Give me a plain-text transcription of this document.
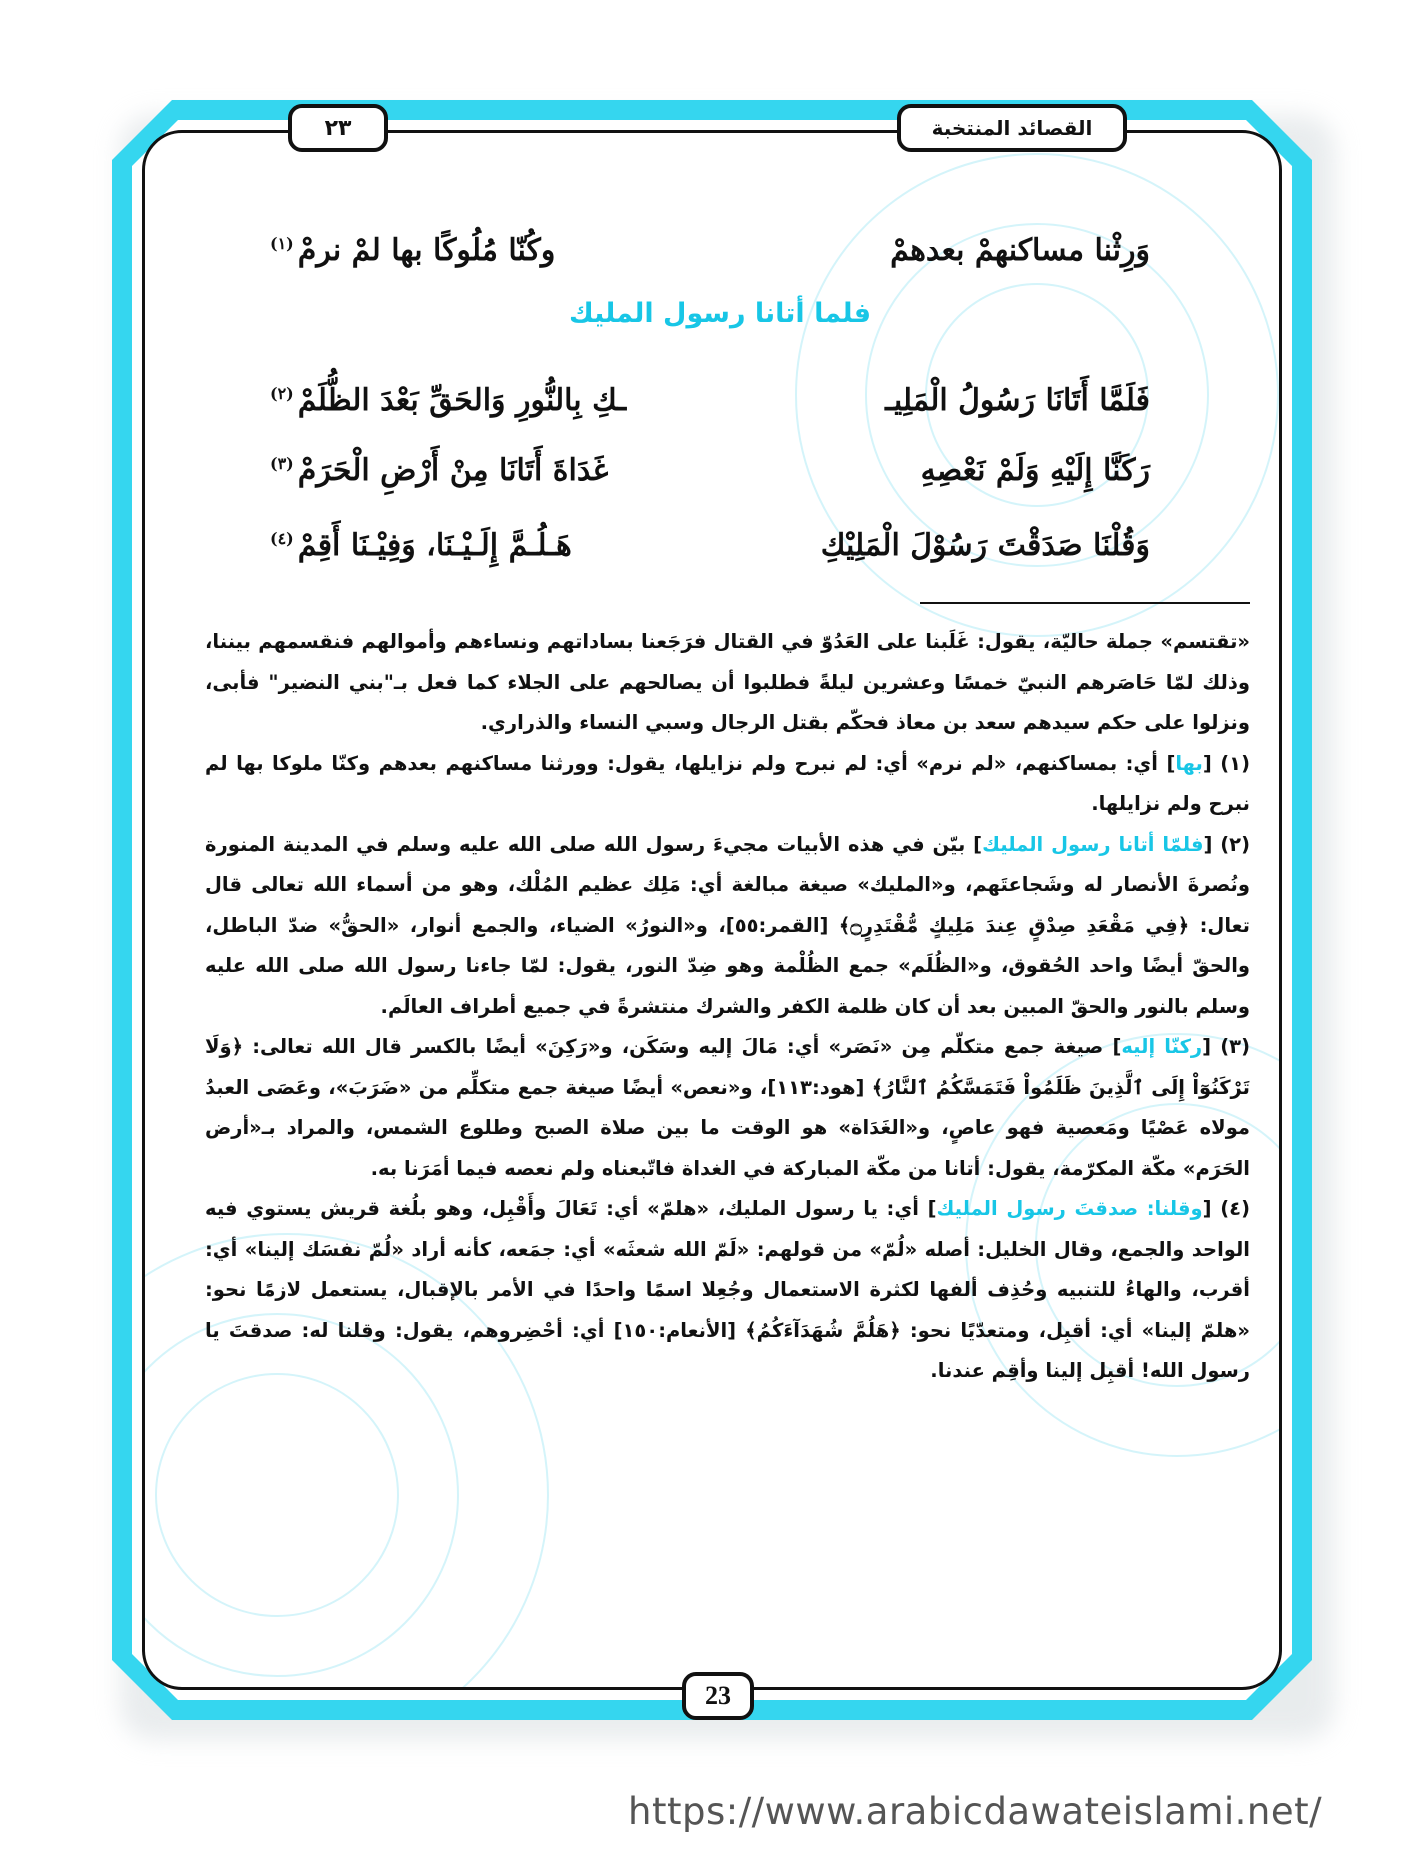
القصائد المنتخبة
٢٣
وَرِثْنا مساكنهمْ بعدهمْ
وكُنّا مُلُوكًا بها لمْ نرمْ$^{(١)}$
فلما أتانا رسول المليك
فَلَمَّا أَتَانَا رَسُولُ الْمَلِيـ
ـكِ بِالنُّورِ وَالحَقِّ بَعْدَ الظُّلَمْ$^{(٢)}$
رَكَنَّا إِلَيْهِ وَلَمْ نَعْصِهِ
غَدَاةَ أَتَانَا مِنْ أَرْضِ الْحَرَمْ$^{(٣)}$
وَقُلْنَا صَدَقْتَ رَسُوْلَ الْمَلِيْكِ
هَـلُـمَّ إِلَـيْـنَا، وَفِيْـنَا أَقِمْ$^{(٤)}$

«تقتسم» جملة حاليّة، يقول: غَلَبنا على العَدُوّ في القتال فرَجَعنا بساداتهم ونساءهم وأموالهم فنقسمهم بيننا، وذلك لمّا حَاصَرهم النبيّ خمسًا وعشرين ليلةً فطلبوا أن يصالحهم على الجلاء كما فعل بـ"بني النضير" فأبى، ونزلوا على حكم سيدهم سعد بن معاذ فحكّم بقتل الرجال وسبي النساء والذراري.

(١) [بها] أي: بمساكنهم، «لم نرم» أي: لم نبرح ولم نزايلها، يقول: وورثنا مساكنهم بعدهم وكنّا ملوكا بها لم نبرح ولم نزايلها.

(٢) [فلمّا أتانا رسول المليك] بيّن في هذه الأبيات مجيءَ رسول الله صلى الله عليه وسلم في المدينة المنورة ونُصرةَ الأنصار له وشَجاعتَهم، و«المليك» صيغة مبالغة أي: مَلِك عظيم المُلْك، وهو من أسماء الله تعالى قال تعال: ﴿فِي مَقْعَدِ صِدْقٍ عِندَ مَلِيكٍ مُّقْتَدِرٍ۝﴾ [القمر:٥٥]، و«النورُ» الضياء، والجمع أنوار، «الحقُّ» ضدّ الباطل، والحقّ أيضًا واحد الحُقوق، و«الظُلَم» جمع الظُلْمة وهو ضِدّ النور، يقول: لمّا جاءنا رسول الله صلى الله عليه وسلم بالنور والحقّ المبين بعد أن كان ظلمة الكفر والشرك منتشرةً في جميع أطراف العالَم.

(٣) [ركنّا إليه] صيغة جمع متكلّم مِن «نَصَر» أي: مَالَ إليه وسَكَن، و«رَكِنَ» أيضًا بالكسر قال الله تعالى: ﴿وَلَا تَرْكَنُوٓاْ إِلَى ٱلَّذِينَ ظَلَمُواْ فَتَمَسَّكُمُ ٱلنَّارُ﴾ [هود:١١٣]، و«نعص» أيضًا صيغة جمع متكلِّم من «ضَرَبَ»، وعَصَى العبدُ مولاه عَصْيًا ومَعصية فهو عاصٍ، و«الغَدَاة» هو الوقت ما بين صلاة الصبح وطلوع الشمس، والمراد بـ«أرض الحَرَم» مكّة المكرّمة، يقول: أتانا من مكّة المباركة في الغداة فاتّبعناه ولم نعصه فيما أمَرَنا به.

(٤) [وقلنا: صدقتَ رسول المليك] أي: يا رسول المليك، «هلمّ» أي: تَعَالَ وأَقْبِل، وهو بلُغة قريش يستوي فيه الواحد والجمع، وقال الخليل: أصله «لُمّ» من قولهم: «لَمّ الله شعثَه» أي: جمَعه، كأنه أراد «لُمّ نفسَك إلينا» أي: أقرب، والهاءُ للتنبيه وحُذِف ألفها لكثرة الاستعمال وجُعِلا اسمًا واحدًا في الأمر بالإقبال، يستعمل لازمًا نحو: «هلمّ إلينا» أي: أقبِل، ومتعدّيًا نحو: ﴿هَلُمَّ شُهَدَآءَكُمُ﴾ [الأنعام:١٥٠] أي: أحْضِروهم، يقول: وقلنا له: صدقتَ يا رسول الله! أقبِل إلينا وأقِم عندنا.

23
https://www.arabicdawateislami.net/
